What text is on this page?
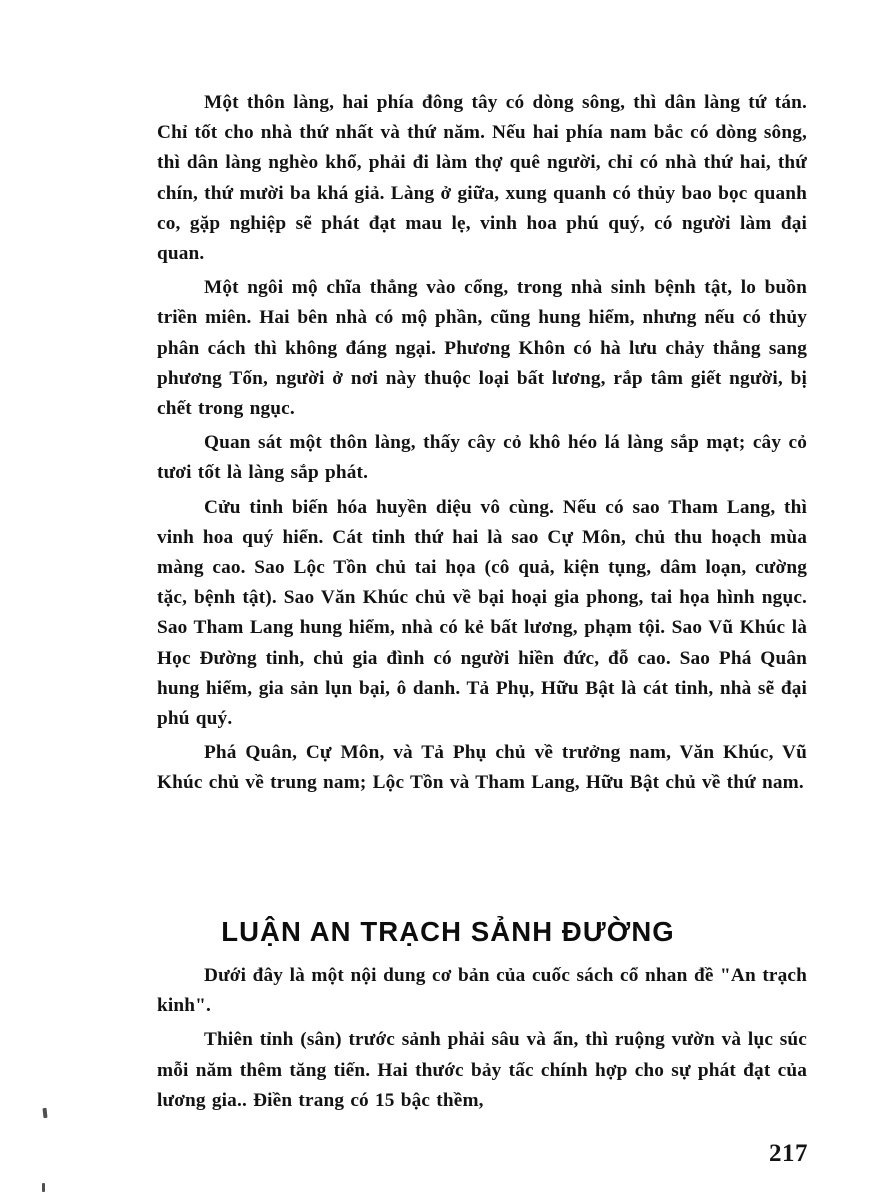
Một thôn làng, hai phía đông tây có dòng sông, thì dân làng tứ tán. Chỉ tốt cho nhà thứ nhất và thứ năm. Nếu hai phía nam bắc có dòng sông, thì dân làng nghèo khổ, phải đi làm thợ quê người, chỉ có nhà thứ hai, thứ chín, thứ mười ba khá giả. Làng ở giữa, xung quanh có thủy bao bọc quanh co, gặp nghiệp sẽ phát đạt mau lẹ, vinh hoa phú quý, có người làm đại quan.

Một ngôi mộ chĩa thẳng vào cổng, trong nhà sinh bệnh tật, lo buồn triền miên. Hai bên nhà có mộ phần, cũng hung hiểm, nhưng nếu có thủy phân cách thì không đáng ngại. Phương Khôn có hà lưu chảy thẳng sang phương Tốn, người ở nơi này thuộc loại bất lương, rắp tâm giết người, bị chết trong ngục.

Quan sát một thôn làng, thấy cây cỏ khô héo lá làng sắp mạt; cây cỏ tươi tốt là làng sắp phát.

Cửu tinh biến hóa huyền diệu vô cùng. Nếu có sao Tham Lang, thì vinh hoa quý hiển. Cát tinh thứ hai là sao Cự Môn, chủ thu hoạch mùa màng cao. Sao Lộc Tồn chủ tai họa (cô quả, kiện tụng, dâm loạn, cường tặc, bệnh tật). Sao Văn Khúc chủ về bại hoại gia phong, tai họa hình ngục. Sao Tham Lang hung hiểm, nhà có kẻ bất lương, phạm tội. Sao Vũ Khúc là Học Đường tinh, chủ gia đình có người hiền đức, đỗ cao. Sao Phá Quân hung hiểm, gia sản lụn bại, ô danh. Tả Phụ, Hữu Bật là cát tinh, nhà sẽ đại phú quý.

Phá Quân, Cự Môn, và Tả Phụ chủ về trưởng nam, Văn Khúc, Vũ Khúc chủ về trung nam; Lộc Tồn và Tham Lang, Hữu Bật chủ về thứ nam.

LUẬN AN TRẠCH SẢNH ĐƯỜNG

Dưới đây là một nội dung cơ bản của cuốc sách cổ nhan đề "An trạch kinh".

Thiên tỉnh (sân) trước sảnh phải sâu và ẩn, thì ruộng vườn và lục súc mỗi năm thêm tăng tiến. Hai thước bảy tấc chính hợp cho sự phát đạt của lương gia.. Điền trang có 15 bậc thềm,

217
